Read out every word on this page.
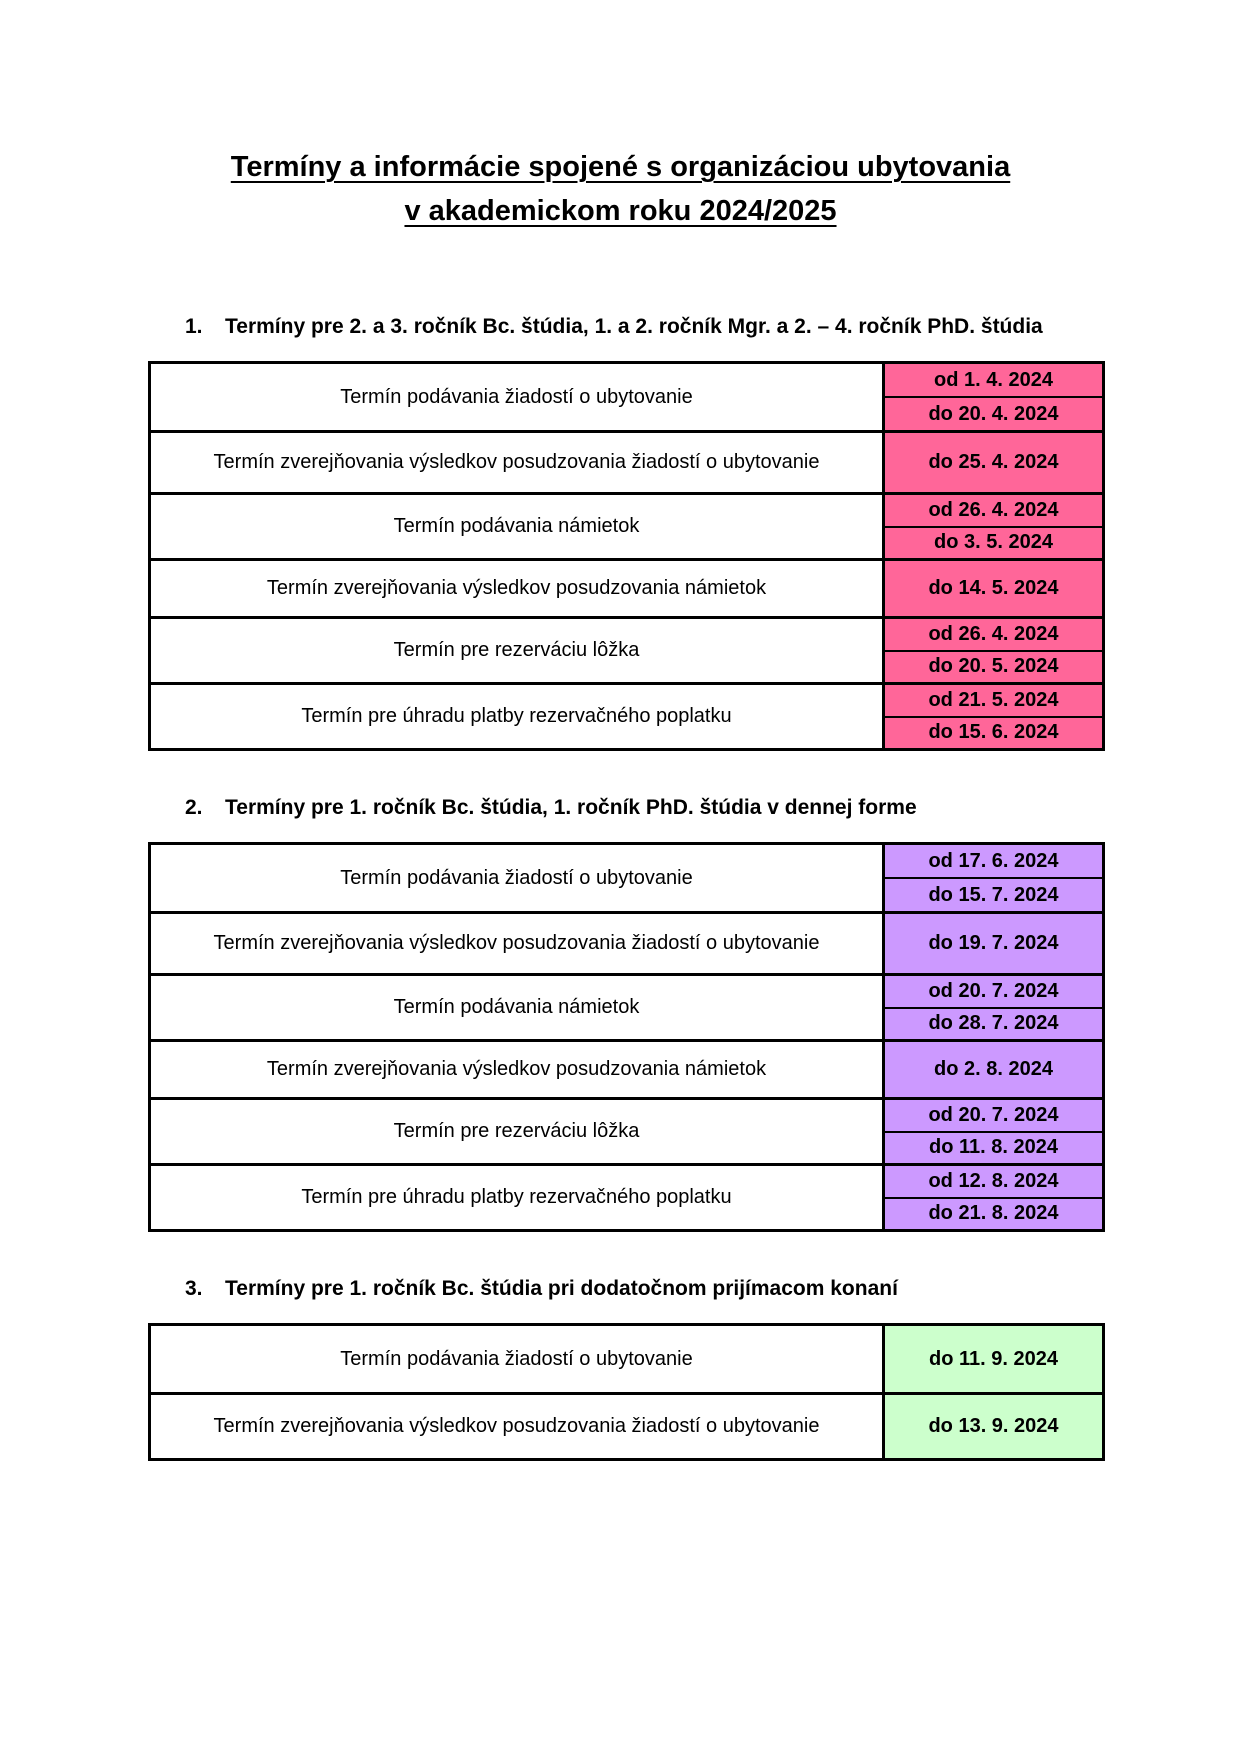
Termíny a informácie spojené s organizáciou ubytovania
v akademickom roku 2024/2025
1. Termíny pre 2. a 3. ročník Bc. štúdia, 1. a 2. ročník Mgr. a 2. – 4. ročník PhD. štúdia
Termín podávania žiadostí o ubytovanie
od 1. 4. 2024
do 20. 4. 2024
Termín zverejňovania výsledkov posudzovania žiadostí o ubytovanie	do 25. 4. 2024
Termín podávania námietok
od 26. 4. 2024
do 3. 5. 2024
Termín zverejňovania výsledkov posudzovania námietok	do 14. 5. 2024
Termín pre rezerváciu lôžka
od 26. 4. 2024
do 20. 5. 2024
Termín pre úhradu platby rezervačného poplatku
od 21. 5. 2024
do 15. 6. 2024
2. Termíny pre 1. ročník Bc. štúdia, 1. ročník PhD. štúdia v dennej forme
Termín podávania žiadostí o ubytovanie
od 17. 6. 2024
do 15. 7. 2024
Termín zverejňovania výsledkov posudzovania žiadostí o ubytovanie	do 19. 7. 2024
Termín podávania námietok
od 20. 7. 2024
do 28. 7. 2024
Termín zverejňovania výsledkov posudzovania námietok	do 2. 8. 2024
Termín pre rezerváciu lôžka
od 20. 7. 2024
do 11. 8. 2024
Termín pre úhradu platby rezervačného poplatku
od 12. 8. 2024
do 21. 8. 2024
3. Termíny pre 1. ročník Bc. štúdia pri dodatočnom prijímacom konaní
Termín podávania žiadostí o ubytovanie	do 11. 9. 2024
Termín zverejňovania výsledkov posudzovania žiadostí o ubytovanie	do 13. 9. 2024
